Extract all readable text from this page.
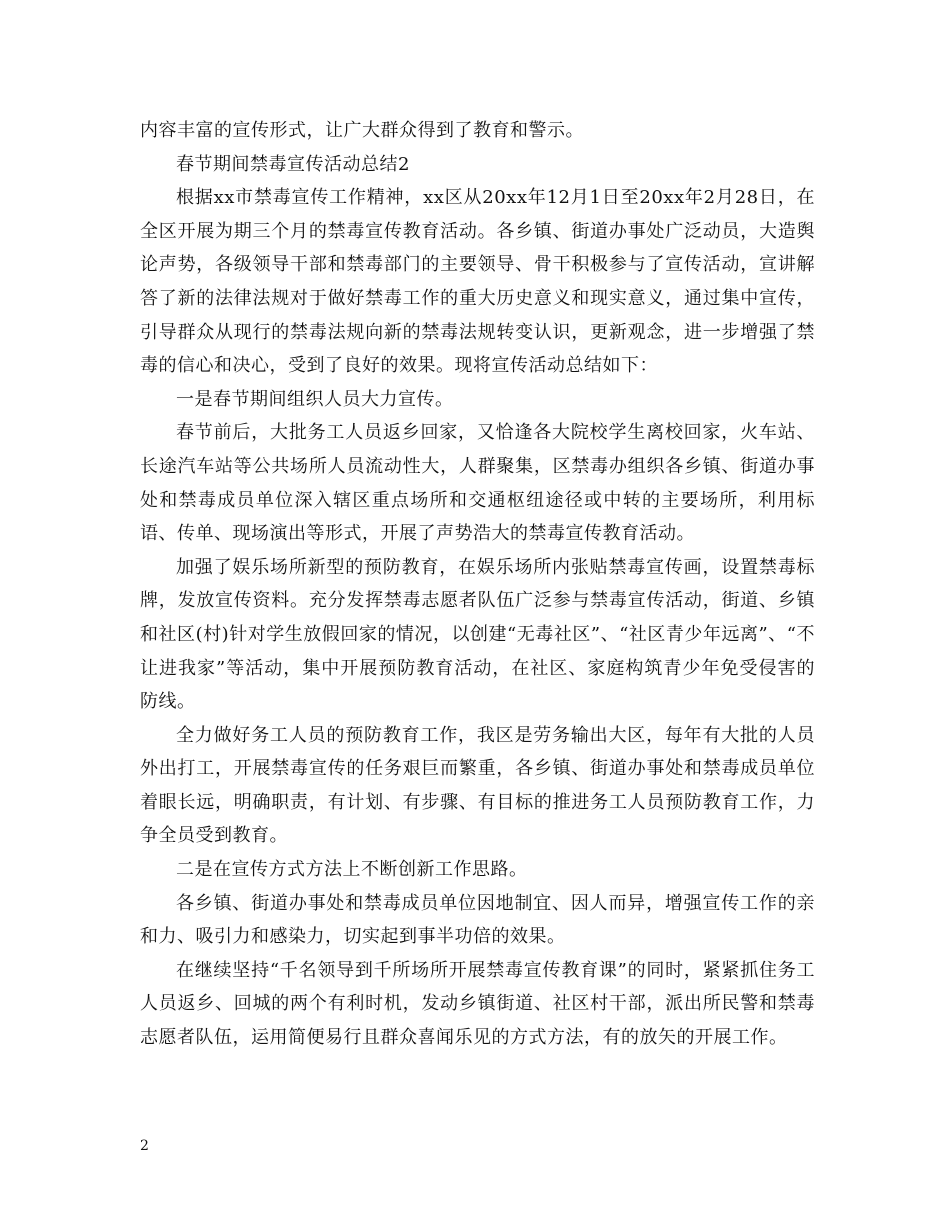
内容丰富的宣传形式，让广大群众得到了教育和警示。

春节期间禁毒宣传活动总结2

根据xx市禁毒宣传工作精神，xx区从20xx年12月1日至20xx年2月28日，在全区开展为期三个月的禁毒宣传教育活动。各乡镇、街道办事处广泛动员，大造舆论声势，各级领导干部和禁毒部门的主要领导、骨干积极参与了宣传活动，宣讲解答了新的法律法规对于做好禁毒工作的重大历史意义和现实意义，通过集中宣传，引导群众从现行的禁毒法规向新的禁毒法规转变认识，更新观念，进一步增强了禁毒的信心和决心，受到了良好的效果。现将宣传活动总结如下：

一是春节期间组织人员大力宣传。

春节前后，大批务工人员返乡回家，又恰逢各大院校学生离校回家，火车站、长途汽车站等公共场所人员流动性大，人群聚集，区禁毒办组织各乡镇、街道办事处和禁毒成员单位深入辖区重点场所和交通枢纽途径或中转的主要场所，利用标语、传单、现场演出等形式，开展了声势浩大的禁毒宣传教育活动。

加强了娱乐场所新型的预防教育，在娱乐场所内张贴禁毒宣传画，设置禁毒标牌，发放宣传资料。充分发挥禁毒志愿者队伍广泛参与禁毒宣传活动，街道、乡镇和社区(村)针对学生放假回家的情况，以创建“无毒社区”、“社区青少年远离”、“不让进我家”等活动，集中开展预防教育活动，在社区、家庭构筑青少年免受侵害的防线。

全力做好务工人员的预防教育工作，我区是劳务输出大区，每年有大批的人员外出打工，开展禁毒宣传的任务艰巨而繁重，各乡镇、街道办事处和禁毒成员单位着眼长远，明确职责，有计划、有步骤、有目标的推进务工人员预防教育工作，力争全员受到教育。

二是在宣传方式方法上不断创新工作思路。

各乡镇、街道办事处和禁毒成员单位因地制宜、因人而异，增强宣传工作的亲和力、吸引力和感染力，切实起到事半功倍的效果。

在继续坚持“千名领导到千所场所开展禁毒宣传教育课”的同时，紧紧抓住务工人员返乡、回城的两个有利时机，发动乡镇街道、社区村干部，派出所民警和禁毒志愿者队伍，运用简便易行且群众喜闻乐见的方式方法，有的放矢的开展工作。

2
